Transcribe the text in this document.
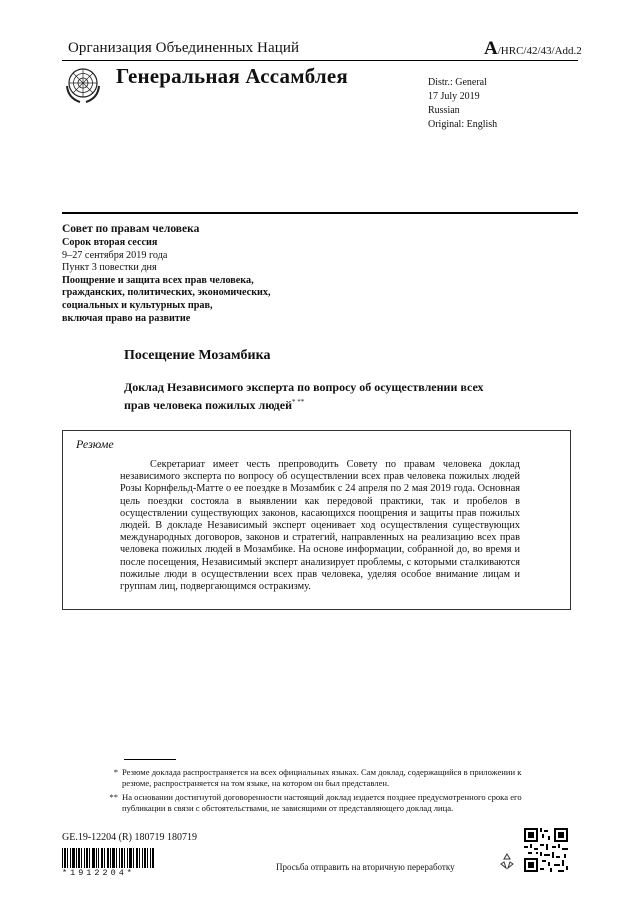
Организация Объединенных Наций	A/HRC/42/43/Add.2
Генеральная Ассамблея	Distr.: General
17 July 2019
Russian
Original: English
Совет по правам человека
Сорок вторая сессия
9–27 сентября 2019 года
Пункт 3 повестки дня
Поощрение и защита всех прав человека,
гражданских, политических, экономических,
социальных и культурных прав,
включая право на развитие
Посещение Мозамбика
Доклад Независимого эксперта по вопросу об осуществлении всех
прав человека пожилых людей* **
Резюме

Секретариат имеет честь препроводить Совету по правам человека доклад независимого эксперта по вопросу об осуществлении всех прав человека пожилых людей Розы Корнфельд-Матте о ее поездке в Мозамбик с 24 апреля по 2 мая 2019 года. Основная цель поездки состояла в выявлении как передовой практики, так и пробелов в осуществлении существующих законов, касающихся поощрения и защиты прав пожилых людей. В докладе Независимый эксперт оценивает ход осуществления существующих международных договоров, законов и стратегий, направленных на реализацию всех прав человека пожилых людей в Мозамбике. На основе информации, собранной до, во время и после посещения, Независимый эксперт анализирует проблемы, с которыми сталкиваются пожилые люди в осуществлении всех прав человека, уделяя особое внимание лицам и группам лиц, подвергающимся остракизму.

* Резюме доклада распространяется на всех официальных языках. Сам доклад, содержащийся в приложении к резюме, распространяется на том языке, на котором он был представлен.
** На основании достигнутой договоренности настоящий доклад издается позднее предусмотренного срока его публикации в связи с обстоятельствами, не зависящими от представляющего доклад лица.
GE.19-12204 (R) 180719 180719
*1912204*
Просьба отправить на вторичную переработку
